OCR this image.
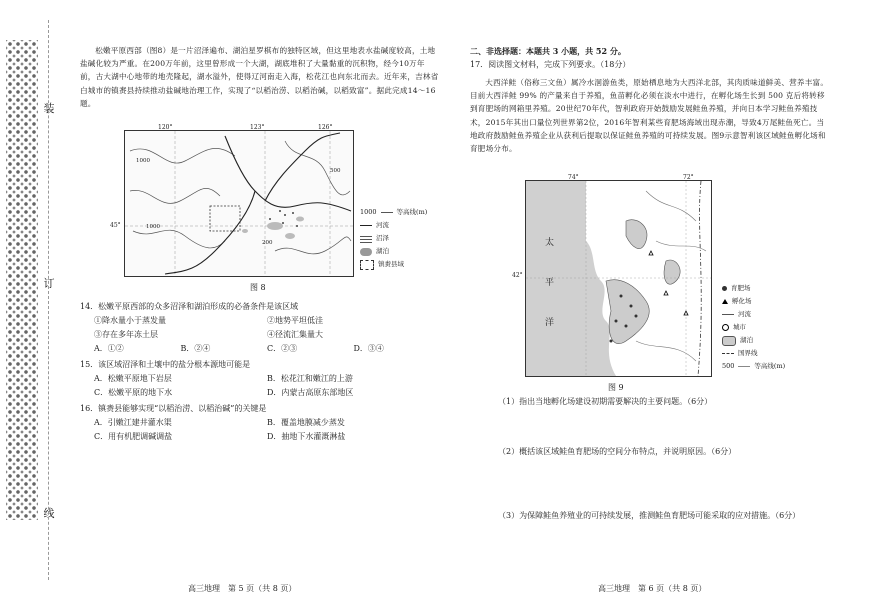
装
订
线

松嫩平原西部（图8）是一片沼泽遍布、湖泊星罗棋布的独特区域，但这里地表水盐碱度较高，土地盐碱化较为严重。在200万年前，这里曾形成一个大湖，湖底堆积了大量黏重的沉积物，经今10万年前，古大湖中心地带的地壳隆起，湖水溢外，使得辽河南走入海，松花江也向东北而去。近年来，吉林省白城市的镇赉县持续推动盐碱地治理工作，实现了“以稻治涝、以稻治碱，以稻致富”。据此完成14～16题。

120°	123°	126°
45°
1000
1000
500
200
1000	等高线(m)
河流
沼泽
湖泊
镇赉县域
图 8

14．松嫩平原西部的众多沼泽和湖泊形成的必备条件是该区域

①降水量小于蒸发量	②地势平坦低洼
③存在多年冻土层	④径流汇集量大
A．①②	B．②④	C．②③	D．③④

15．该区域沼泽和土壤中的盐分根本源地可能是

A．松嫩平原地下岩层	B．松花江和嫩江的上游
C．松嫩平原的地下水	D．内蒙古高原东部地区

16．镇赉县能够实现“以稻治涝、以稻治碱”的关键是

A．引嫩江建井灌水渠	B．覆盖地膜减少蒸发
C．用有机肥调碱调盐	D．抽地下水灌溉淋盐
高三地理　第 5 页（共 8 页）

二、非选择题：本题共 3 小题，共 52 分。

17．阅读图文材料，完成下列要求。（18分）

大西洋鲑（俗称三文鱼）属冷水洄游鱼类，原始栖息地为大西洋北部，其肉质味道鲜美、营养丰富。目前大西洋鲑 99% 的产量来自于养殖，鱼苗孵化必须在淡水中进行，在孵化场生长到 500 克后将转移到育肥场的网箱里养殖。20世纪70年代，智利政府开始鼓励发展鲑鱼养殖，并向日本学习鲑鱼养殖技术，2015年其出口量位列世界第2位，2016年智利某些育肥场海域出现赤潮，导致4万尾鲑鱼死亡。当地政府鼓励鲑鱼养殖企业从获利后提取以保证鲑鱼养殖的可持续发展。图9示意智利该区域鲑鱼孵化场和育肥场分布。

74°	72°
42°
太
平
洋
育肥场
孵化场
河流
城市
湖泊
国界线
500	等高线(m)
图 9
（1）指出当地孵化场建设初期需要解决的主要问题。（6分）
（2）概括该区域鲑鱼育肥场的空间分布特点，并说明原因。（6分）
（3）为保障鲑鱼养殖业的可持续发展，推测鲑鱼育肥场可能采取的应对措施。（6分）
高三地理　第 6 页（共 8 页）
